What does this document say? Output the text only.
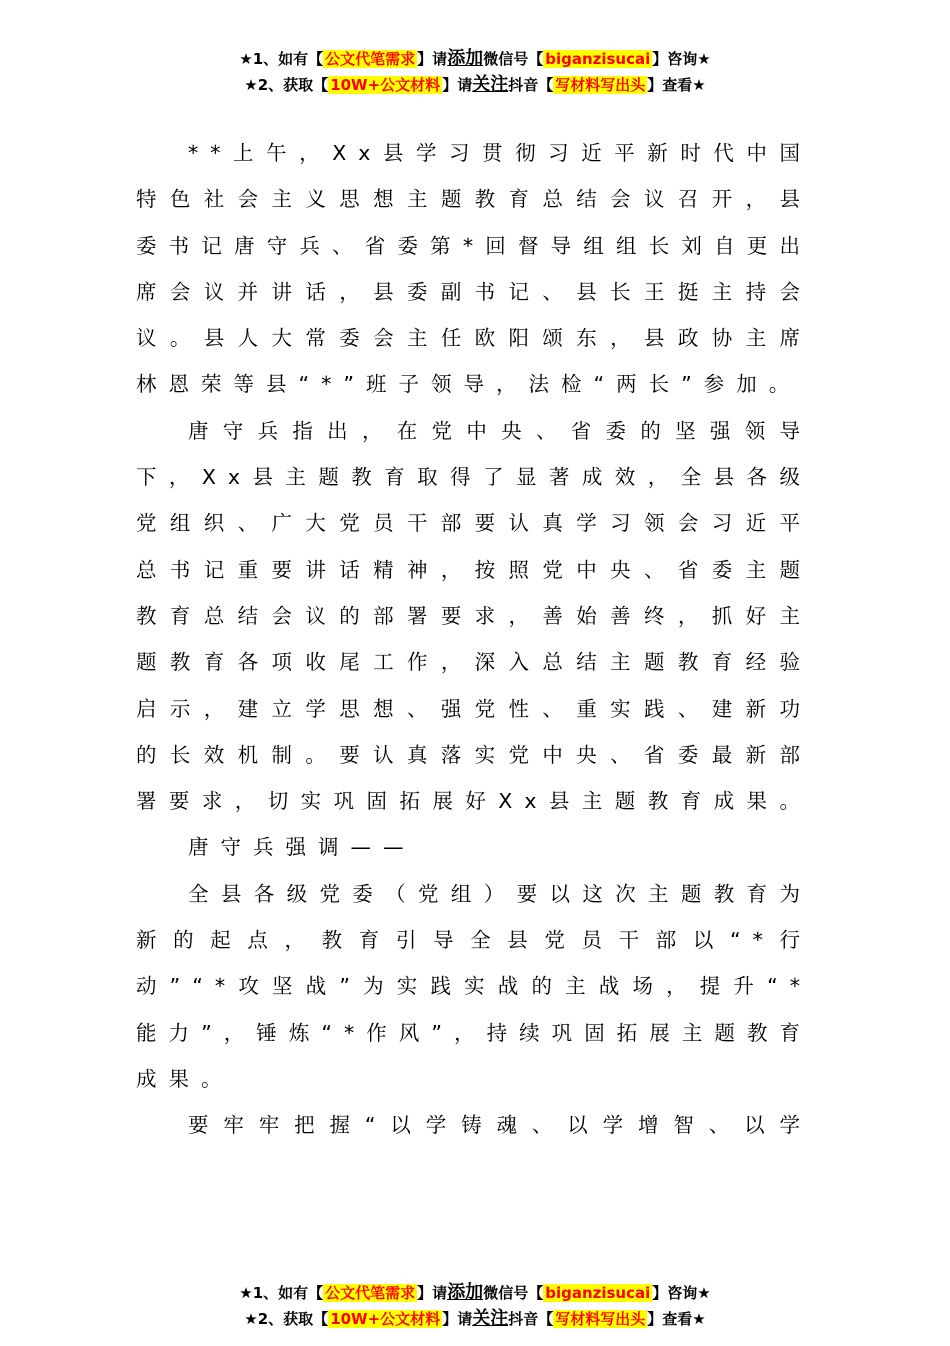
★1、如有【 公文代笔需求 】请添加微信号【 biganzisucai 】咨询★
★2、获取【 10W+公文材料 】请关注抖音【 写材料写出头 】查看★

**上午，Xx县学习贯彻习近平新时代中国特色社会主义思想主题教育总结会议召开，县委书记唐守兵、省委第*回督导组组长刘自更出席会议并讲话，县委副书记、县长王挺主持会议。县人大常委会主任欧阳颂东，县政协主席林恩荣等县“*”班子领导，法检“两长”参加。

唐守兵指出，在党中央、省委的坚强领导下，Xx县主题教育取得了显著成效，全县各级党组织、广大党员干部要认真学习领会习近平总书记重要讲话精神，按照党中央、省委主题教育总结会议的部署要求，善始善终，抓好主题教育各项收尾工作，深入总结主题教育经验启示，建立学思想、强党性、重实践、建新功的长效机制。要认真落实党中央、省委最新部署要求，切实巩固拓展好Xx县主题教育成果。

唐守兵强调——

全县各级党委（党组）要以这次主题教育为新的起点，教育引导全县党员干部以“*行动”“*攻坚战”为实践实战的主战场，提升“*能力”，锤炼“*作风”，持续巩固拓展主题教育成果。

要牢牢把握“以学铸魂、以学增智、以学

★1、如有【 公文代笔需求 】请添加微信号【 biganzisucai 】咨询★
★2、获取【 10W+公文材料 】请关注抖音【 写材料写出头 】查看★
